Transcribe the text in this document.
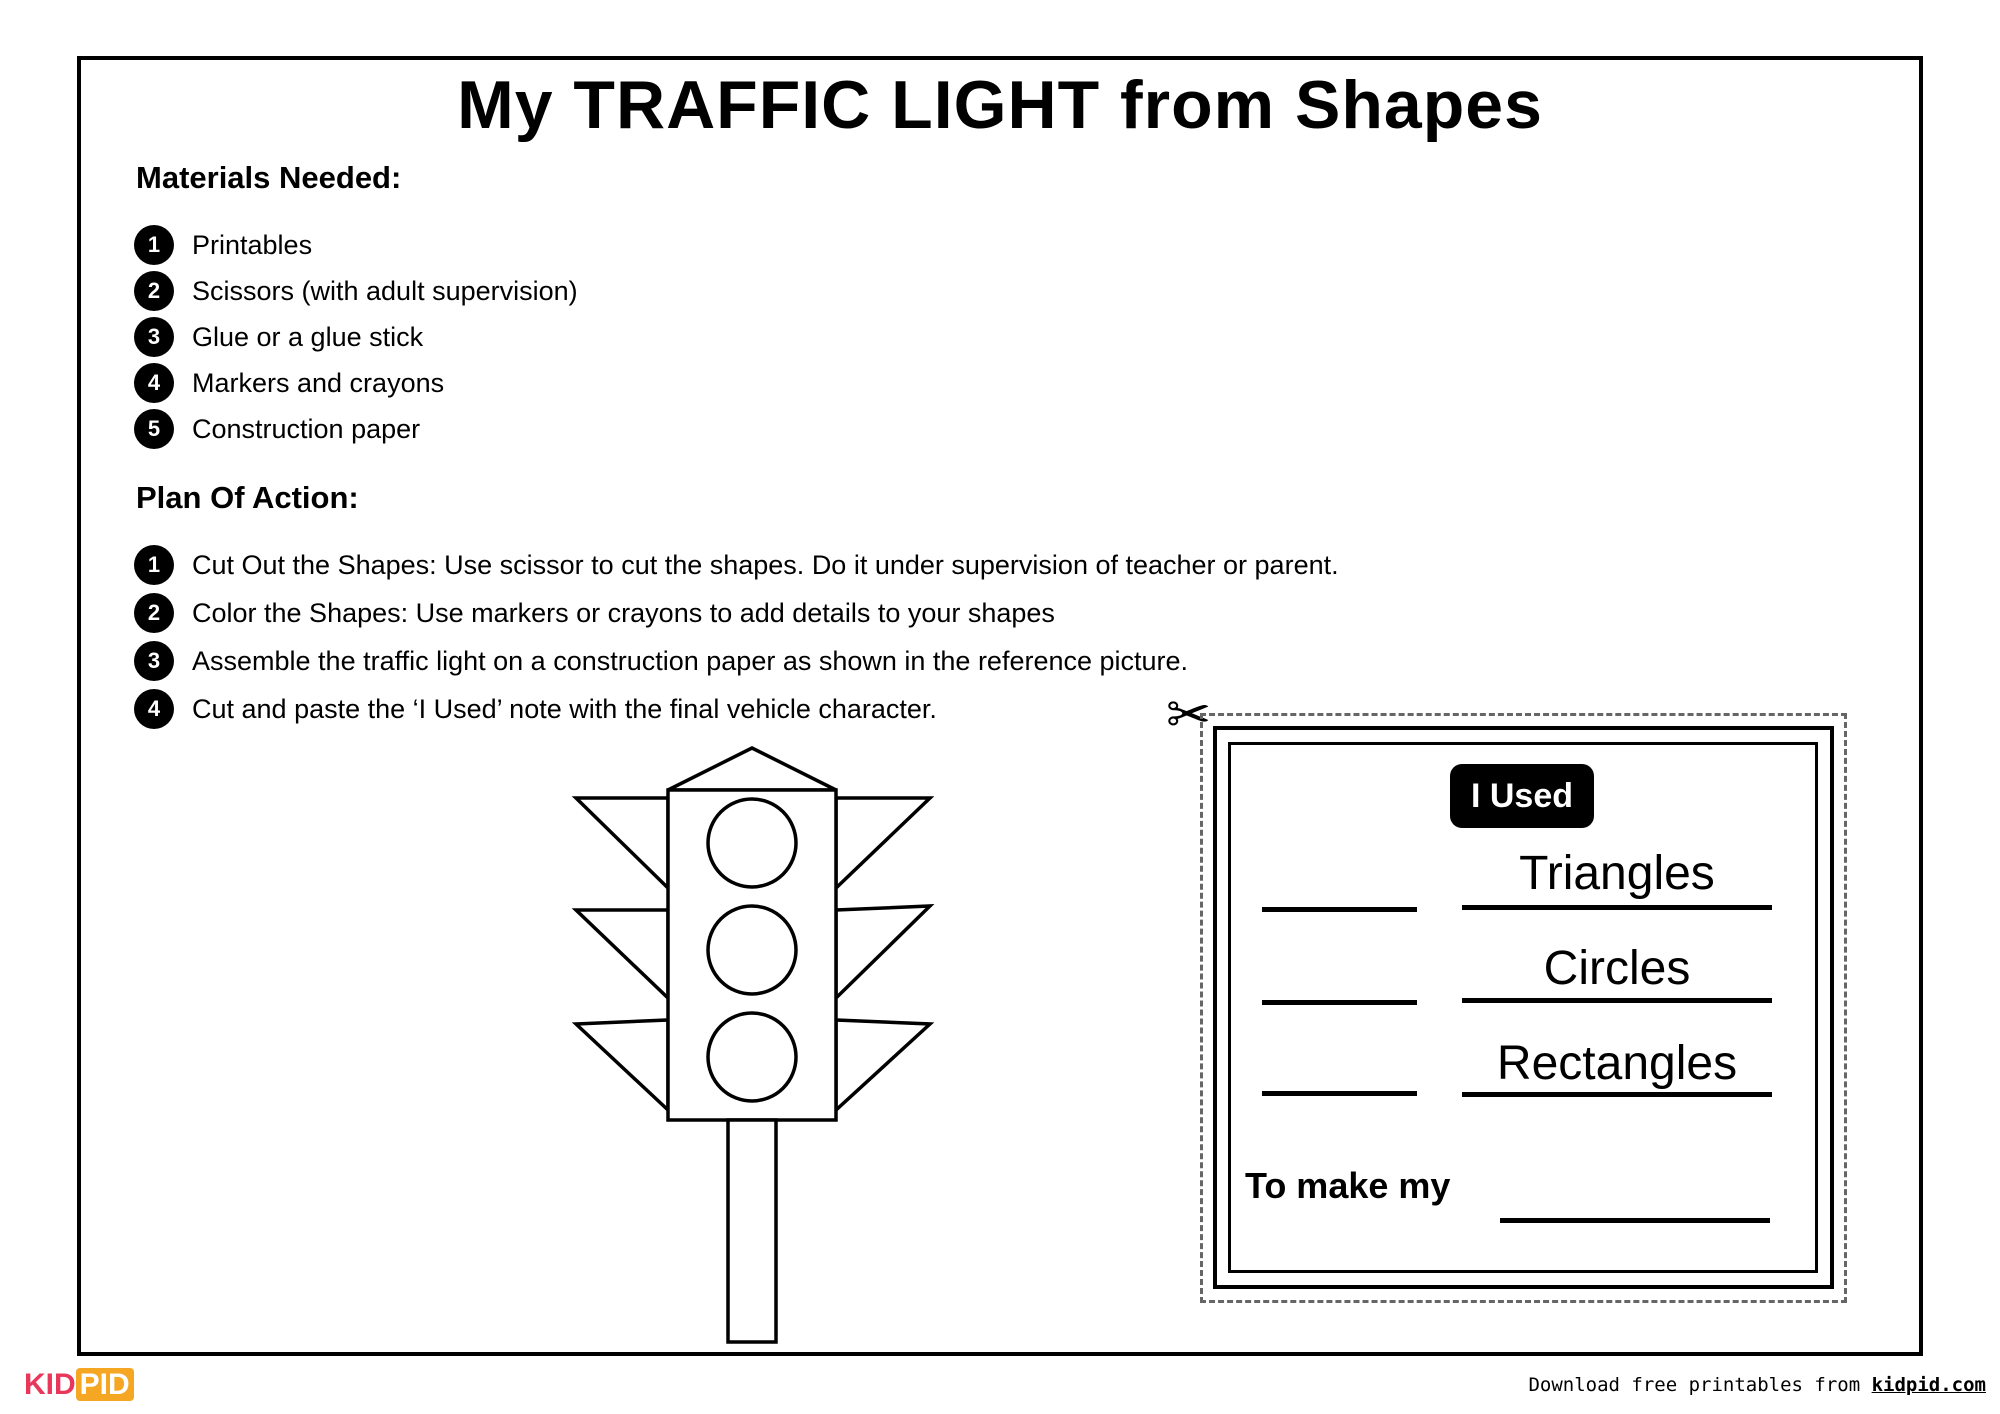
My TRAFFIC LIGHT from Shapes
Materials Needed:
1	Printables
2	Scissors (with adult supervision)
3	Glue or a glue stick
4	Markers and crayons
5	Construction paper
Plan Of Action:
1	Cut Out the Shapes: Use scissor to cut the shapes. Do it under supervision of teacher or parent.
2	Color the Shapes: Use markers or crayons to add details to your shapes
3	Assemble the traffic light on a construction paper as shown in the reference picture.
4	Cut and paste the ‘I Used’ note with the final vehicle character.	✂
I Used
Triangles
Circles
Rectangles
To make my
KID PID	Download free printables from kidpid.com
